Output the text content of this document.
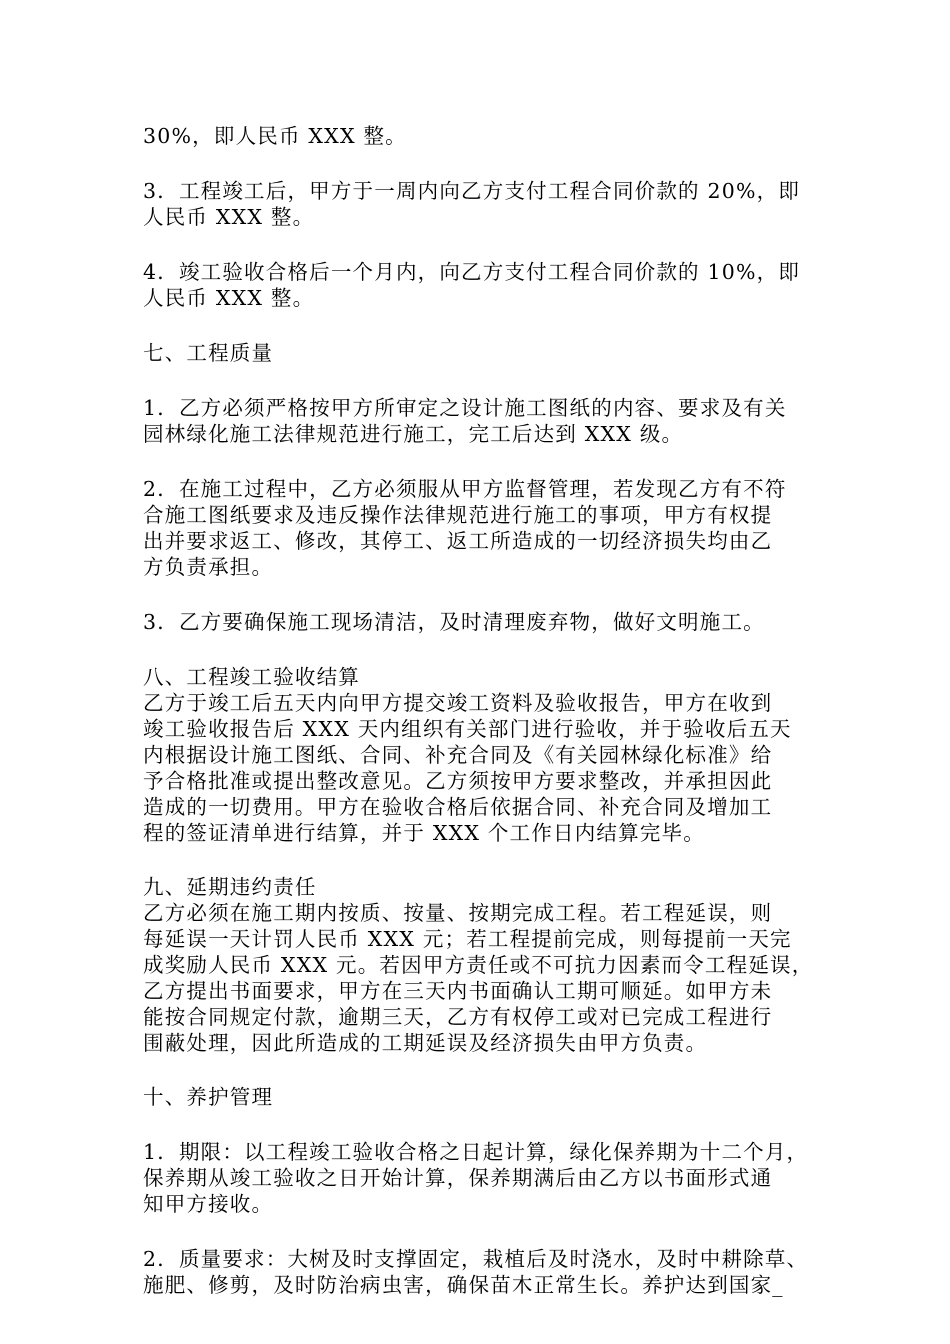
30%，即人民币 XXX 整。

3．工程竣工后，甲方于一周内向乙方支付工程合同价款的 20%，即
人民币 XXX 整。

4．竣工验收合格后一个月内，向乙方支付工程合同价款的 10%，即
人民币 XXX 整。

七、工程质量

1．乙方必须严格按甲方所审定之设计施工图纸的内容、要求及有关
园林绿化施工法律规范进行施工，完工后达到 XXX 级。

2．在施工过程中，乙方必须服从甲方监督管理，若发现乙方有不符
合施工图纸要求及违反操作法律规范进行施工的事项，甲方有权提
出并要求返工、修改，其停工、返工所造成的一切经济损失均由乙
方负责承担。

3．乙方要确保施工现场清洁，及时清理废弃物，做好文明施工。

八、工程竣工验收结算
乙方于竣工后五天内向甲方提交竣工资料及验收报告，甲方在收到
竣工验收报告后 XXX 天内组织有关部门进行验收，并于验收后五天
内根据设计施工图纸、合同、补充合同及《有关园林绿化标准》给
予合格批准或提出整改意见。乙方须按甲方要求整改，并承担因此
造成的一切费用。甲方在验收合格后依据合同、补充合同及增加工
程的签证清单进行结算，并于 XXX 个工作日内结算完毕。
九、延期违约责任
乙方必须在施工期内按质、按量、按期完成工程。若工程延误，则
每延误一天计罚人民币 XXX 元；若工程提前完成，则每提前一天完
成奖励人民币 XXX 元。若因甲方责任或不可抗力因素而令工程延误，
乙方提出书面要求，甲方在三天内书面确认工期可顺延。如甲方未
能按合同规定付款，逾期三天，乙方有权停工或对已完成工程进行
围蔽处理，因此所造成的工期延误及经济损失由甲方负责。

十、养护管理

1．期限：以工程竣工验收合格之日起计算，绿化保养期为十二个月，
保养期从竣工验收之日开始计算，保养期满后由乙方以书面形式通
知甲方接收。

2．质量要求：大树及时支撑固定，栽植后及时浇水，及时中耕除草、
施肥、修剪，及时防治病虫害，确保苗木正常生长。养护达到国家_
